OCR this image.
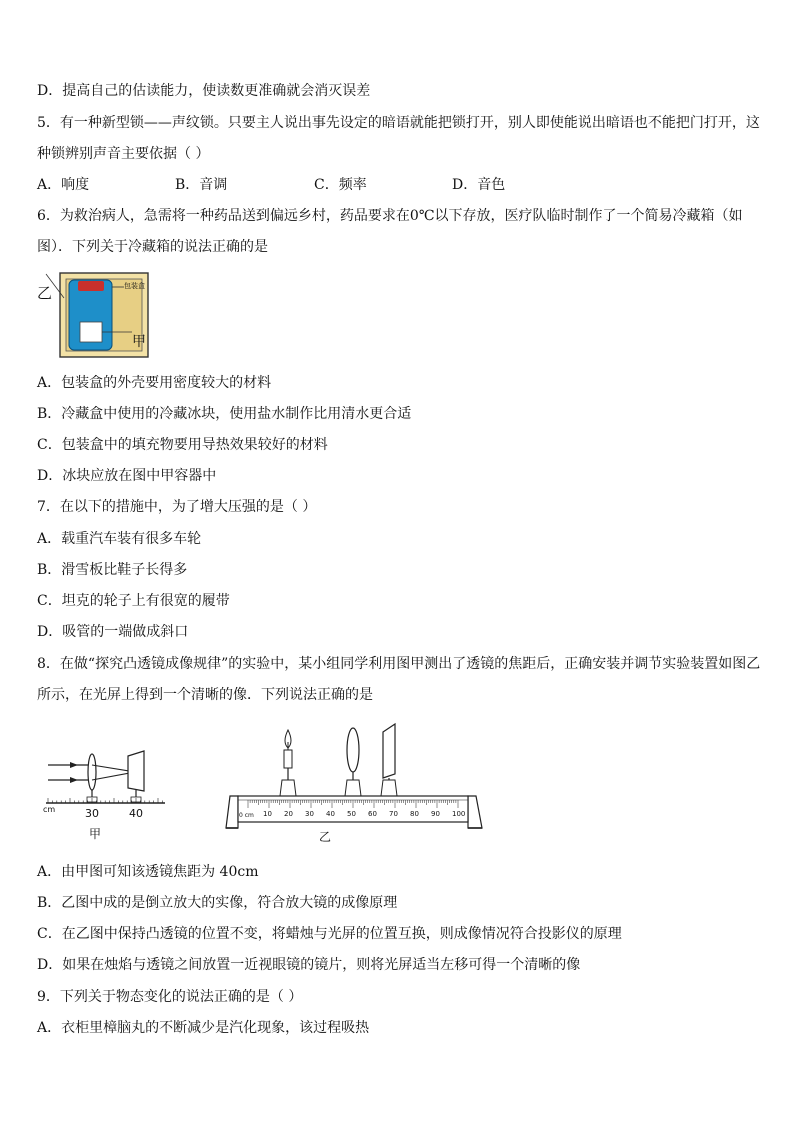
D．提高自己的估读能力，使读数更准确就会消灭误差
5．有一种新型锁——声纹锁。只要主人说出事先设定的暗语就能把锁打开，别人即使能说出暗语也不能把门打开，这
种锁辨别声音主要依据（ ）
A．响度	B．音调	C．频率	D．音色
6．为救治病人，急需将一种药品送到偏远乡村，药品要求在0℃以下存放，医疗队临时制作了一个简易冷藏箱（如
图）．下列关于冷藏箱的说法正确的是
包装盒
乙
甲
A．包装盒的外壳要用密度较大的材料
B．冷藏盒中使用的冷藏冰块，使用盐水制作比用清水更合适
C．包装盒中的填充物要用导热效果较好的材料
D．冰块应放在图中甲容器中
7．在以下的措施中，为了增大压强的是（ ）
A．载重汽车装有很多车轮
B．滑雪板比鞋子长得多
C．坦克的轮子上有很宽的履带
D．吸管的一端做成斜口
8．在做“探究凸透镜成像规律”的实验中，某小组同学利用图甲测出了透镜的焦距后，正确安装并调节实验装置如图乙
所示，在光屏上得到一个清晰的像．下列说法正确的是
cm	30	40
甲
0 cm 10 20 30 40 50 60 70 80 90 100
乙
A．由甲图可知该透镜焦距为 40cm
B．乙图中成的是倒立放大的实像，符合放大镜的成像原理
C．在乙图中保持凸透镜的位置不变，将蜡烛与光屏的位置互换，则成像情况符合投影仪的原理
D．如果在烛焰与透镜之间放置一近视眼镜的镜片，则将光屏适当左移可得一个清晰的像
9．下列关于物态变化的说法正确的是（ ）
A．衣柜里樟脑丸的不断减少是汽化现象，该过程吸热
